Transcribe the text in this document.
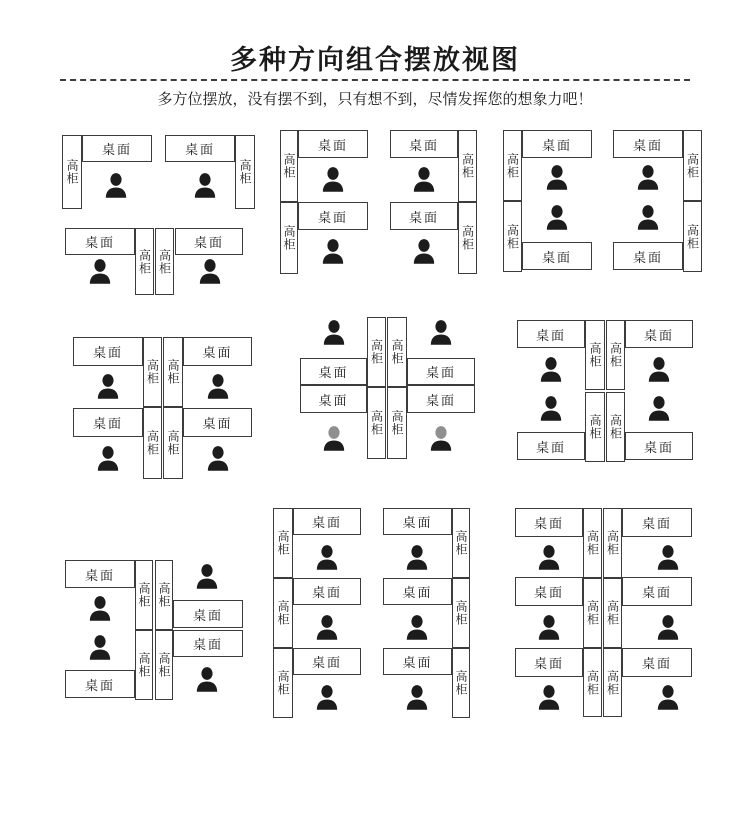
多种方向组合摆放视图
多方位摆放，没有摆不到，只有想不到，尽情发挥您的想象力吧！
高柜
桌面	桌面
高柜
桌面
高柜 高柜
桌面
高柜
桌面	桌面
高柜
高柜
桌面	桌面
高柜
高柜
高柜
桌面
桌面
桌面
高柜
高柜
桌面
桌面
高柜 高柜
桌面
桌面
高柜 高柜
桌面
高柜 高柜
桌面
桌面
桌面
桌面
高柜 高柜
桌面
高柜 高柜
桌面
高柜 高柜
桌面	桌面
桌面
高柜 高柜
高柜 高柜
桌面
桌面
桌面
高柜
桌面
高柜
桌面
高柜
桌面
桌面
高柜
桌面
高柜
桌面
高柜
桌面
高柜 高柜
桌面
桌面
高柜 高柜
桌面
桌面
高柜 高柜
桌面
